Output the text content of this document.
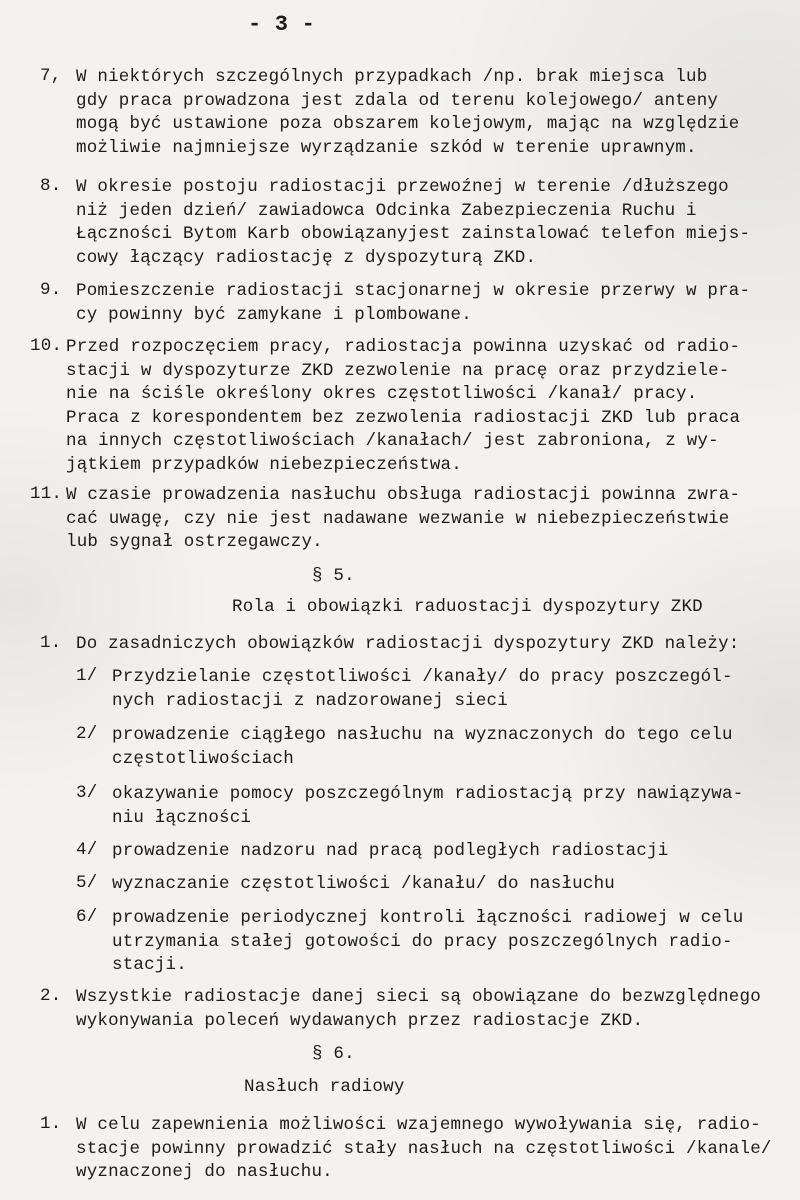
- 3 -
7, W niektórych szczególnych przypadkach /np. brak miejsca lub
gdy praca prowadzona jest zdala od terenu kolejowego/ anteny
mogą być ustawione poza obszarem kolejowym, mając na względzie
możliwie najmniejsze wyrządzanie szkód w terenie uprawnym.
8. W okresie postoju radiostacji przewoźnej w terenie /dłuższego
niż jeden dzień/ zawiadowca Odcinka Zabezpieczenia Ruchu i
Łączności Bytom Karb obowiązanyjest zainstalować telefon miejs-
cowy łączący radiostację z dyspozyturą ZKD.
9. Pomieszczenie radiostacji stacjonarnej w okresie przerwy w pra-
cy powinny być zamykane i plombowane.
10. Przed rozpoczęciem pracy, radiostacja powinna uzyskać od radio-
stacji w dyspozyturze ZKD zezwolenie na pracę oraz przydziele-
nie na ściśle określony okres częstotliwości /kanał/ pracy.
Praca z korespondentem bez zezwolenia radiostacji ZKD lub praca
na innych częstotliwościach /kanałach/ jest zabroniona, z wy-
jątkiem przypadków niebezpieczeństwa.
11. W czasie prowadzenia nasłuchu obsługa radiostacji powinna zwra-
cać uwagę, czy nie jest nadawane wezwanie w niebezpieczeństwie
lub sygnał ostrzegawczy.
§ 5.
Rola i obowiązki raduostacji dyspozytury ZKD
1. Do zasadniczych obowiązków radiostacji dyspozytury ZKD należy:
1/ Przydzielanie częstotliwości /kanały/ do pracy poszczegól-
nych radiostacji z nadzorowanej sieci
2/ prowadzenie ciągłego nasłuchu na wyznaczonych do tego celu
częstotliwościach
3/ okazywanie pomocy poszczególnym radiostacją przy nawiązywa-
niu łączności
4/ prowadzenie nadzoru nad pracą podległych radiostacji
5/ wyznaczanie częstotliwości /kanału/ do nasłuchu
6/ prowadzenie periodycznej kontroli łączności radiowej w celu
utrzymania stałej gotowości do pracy poszczególnych radio-
stacji.
2. Wszystkie radiostacje danej sieci są obowiązane do bezwzględnego
wykonywania poleceń wydawanych przez radiostacje ZKD.
§ 6.
Nasłuch radiowy
1. W celu zapewnienia możliwości wzajemnego wywoływania się, radio-
stacje powinny prowadzić stały nasłuch na częstotliwości /kanale/
wyznaczonej do nasłuchu.
